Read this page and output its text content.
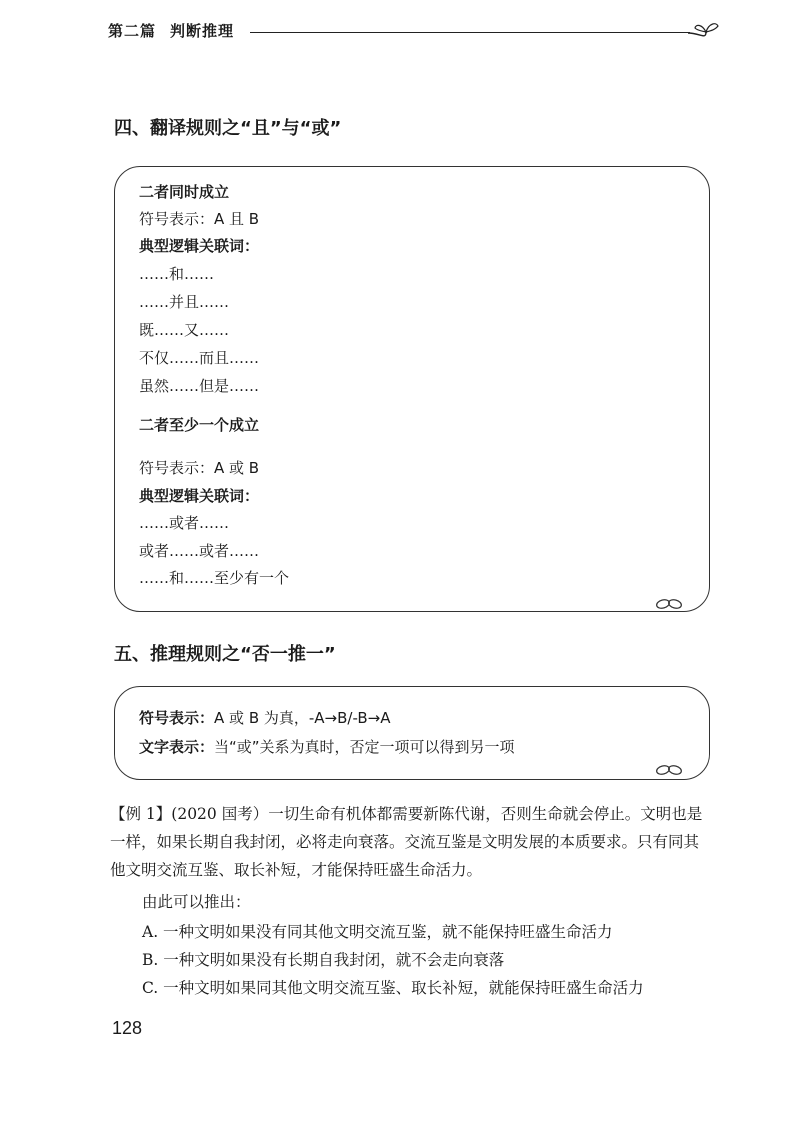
第二篇 判断推理
四、翻译规则之“且”与“或”
二者同时成立
符号表示：A 且 B
典型逻辑关联词：
……和……
……并且……
既……又……
不仅……而且……
虽然……但是……
二者至少一个成立
符号表示：A 或 B
典型逻辑关联词：
……或者……
或者……或者……
……和……至少有一个
五、推理规则之“否一推一”
符号表示：A 或 B 为真，-A→B/-B→A
文字表示：当“或”关系为真时，否定一项可以得到另一项

【例 1】(2020 国考）一切生命有机体都需要新陈代谢，否则生命就会停止。文明也是一样，如果长期自我封闭，必将走向衰落。交流互鉴是文明发展的本质要求。只有同其他文明交流互鉴、取长补短，才能保持旺盛生命活力。

由此可以推出：
A. 一种文明如果没有同其他文明交流互鉴，就不能保持旺盛生命活力
B. 一种文明如果没有长期自我封闭，就不会走向衰落
C. 一种文明如果同其他文明交流互鉴、取长补短，就能保持旺盛生命活力
128
